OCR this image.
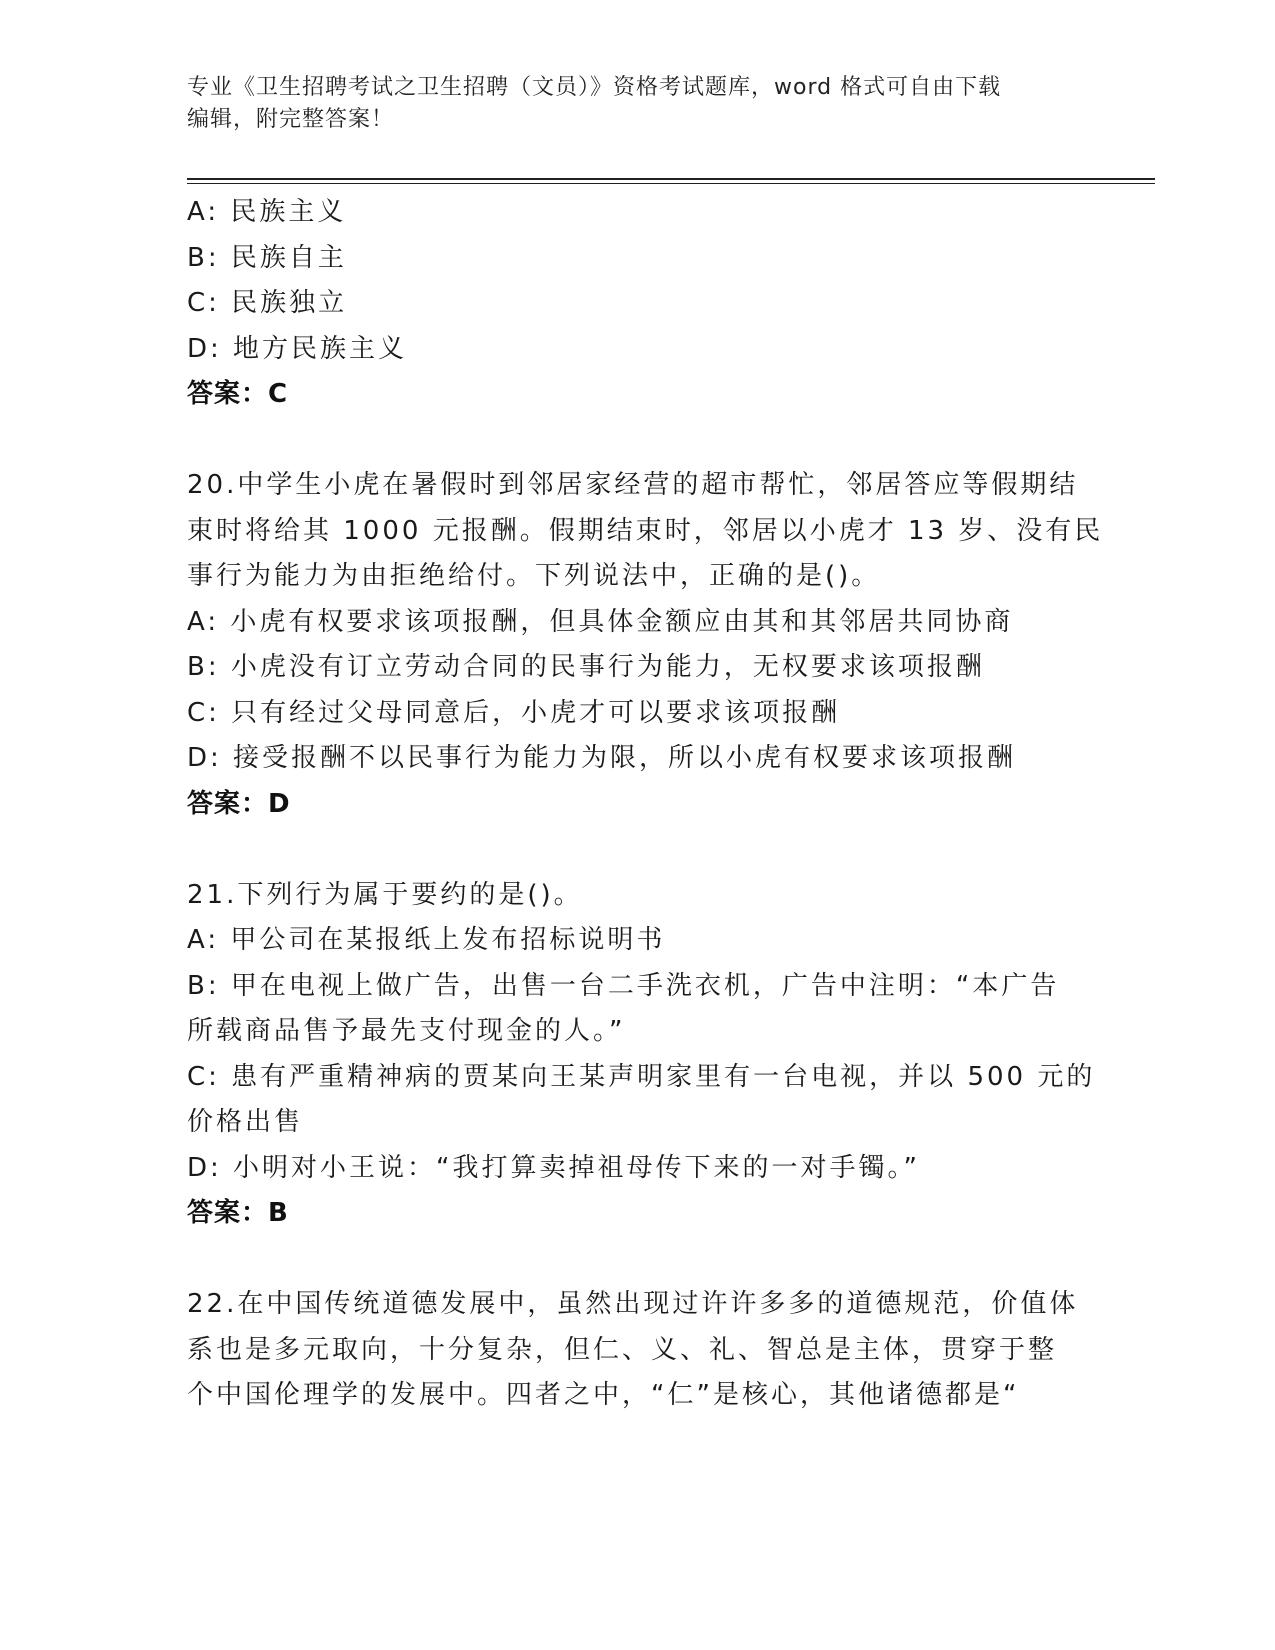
专业《卫生招聘考试之卫生招聘（文员）》资格考试题库，word 格式可自由下载
编辑，附完整答案！
A: 民族主义
B: 民族自主
C: 民族独立
D: 地方民族主义
答案：C
20.中学生小虎在暑假时到邻居家经营的超市帮忙，邻居答应等假期结
束时将给其 1000 元报酬。假期结束时，邻居以小虎才 13 岁、没有民
事行为能力为由拒绝给付。下列说法中，正确的是()。
A: 小虎有权要求该项报酬，但具体金额应由其和其邻居共同协商
B: 小虎没有订立劳动合同的民事行为能力，无权要求该项报酬
C: 只有经过父母同意后，小虎才可以要求该项报酬
D: 接受报酬不以民事行为能力为限，所以小虎有权要求该项报酬
答案：D
21.下列行为属于要约的是()。
A: 甲公司在某报纸上发布招标说明书
B: 甲在电视上做广告，出售一台二手洗衣机，广告中注明：“本广告
所载商品售予最先支付现金的人。”
C: 患有严重精神病的贾某向王某声明家里有一台电视，并以 500 元的
价格出售
D: 小明对小王说：“我打算卖掉祖母传下来的一对手镯。”
答案：B
22.在中国传统道德发展中，虽然出现过许许多多的道德规范，价值体
系也是多元取向，十分复杂，但仁、义、礼、智总是主体，贯穿于整
个中国伦理学的发展中。四者之中，“仁”是核心，其他诸德都是“
